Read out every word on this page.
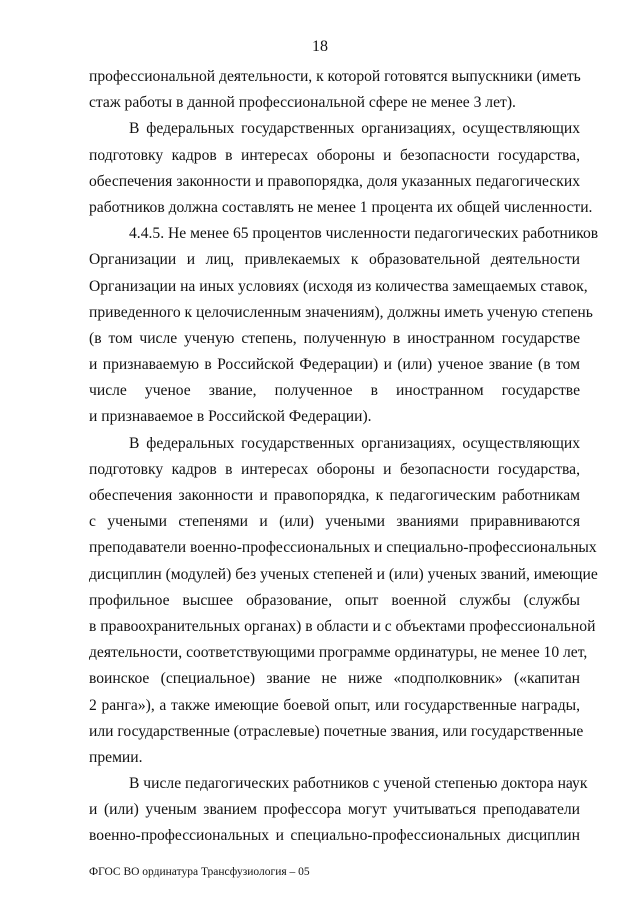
18
профессиональной деятельности, к которой готовятся выпускники (иметь
стаж работы в данной профессиональной сфере не менее 3 лет).
В федеральных государственных организациях, осуществляющих
подготовку кадров в интересах обороны и безопасности государства,
обеспечения законности и правопорядка, доля указанных педагогических
работников должна составлять не менее 1 процента их общей численности.
4.4.5. Не менее 65 процентов численности педагогических работников
Организации и лиц, привлекаемых к образовательной деятельности
Организации на иных условиях (исходя из количества замещаемых ставок,
приведенного к целочисленным значениям), должны иметь ученую степень
(в том числе ученую степень, полученную в иностранном государстве
и признаваемую в Российской Федерации) и (или) ученое звание (в том
числе ученое звание, полученное в иностранном государстве
и признаваемое в Российской Федерации).
В федеральных государственных организациях, осуществляющих
подготовку кадров в интересах обороны и безопасности государства,
обеспечения законности и правопорядка, к педагогическим работникам
с учеными степенями и (или) учеными званиями приравниваются
преподаватели военно-профессиональных и специально-профессиональных
дисциплин (модулей) без ученых степеней и (или) ученых званий, имеющие
профильное высшее образование, опыт военной службы (службы
в правоохранительных органах) в области и с объектами профессиональной
деятельности, соответствующими программе ординатуры, не менее 10 лет,
воинское (специальное) звание не ниже «подполковник» («капитан
2 ранга»), а также имеющие боевой опыт, или государственные награды,
или государственные (отраслевые) почетные звания, или государственные
премии.
В числе педагогических работников с ученой степенью доктора наук
и (или) ученым званием профессора могут учитываться преподаватели
военно-профессиональных и специально-профессиональных дисциплин
ФГОС ВО ординатура Трансфузиология – 05
